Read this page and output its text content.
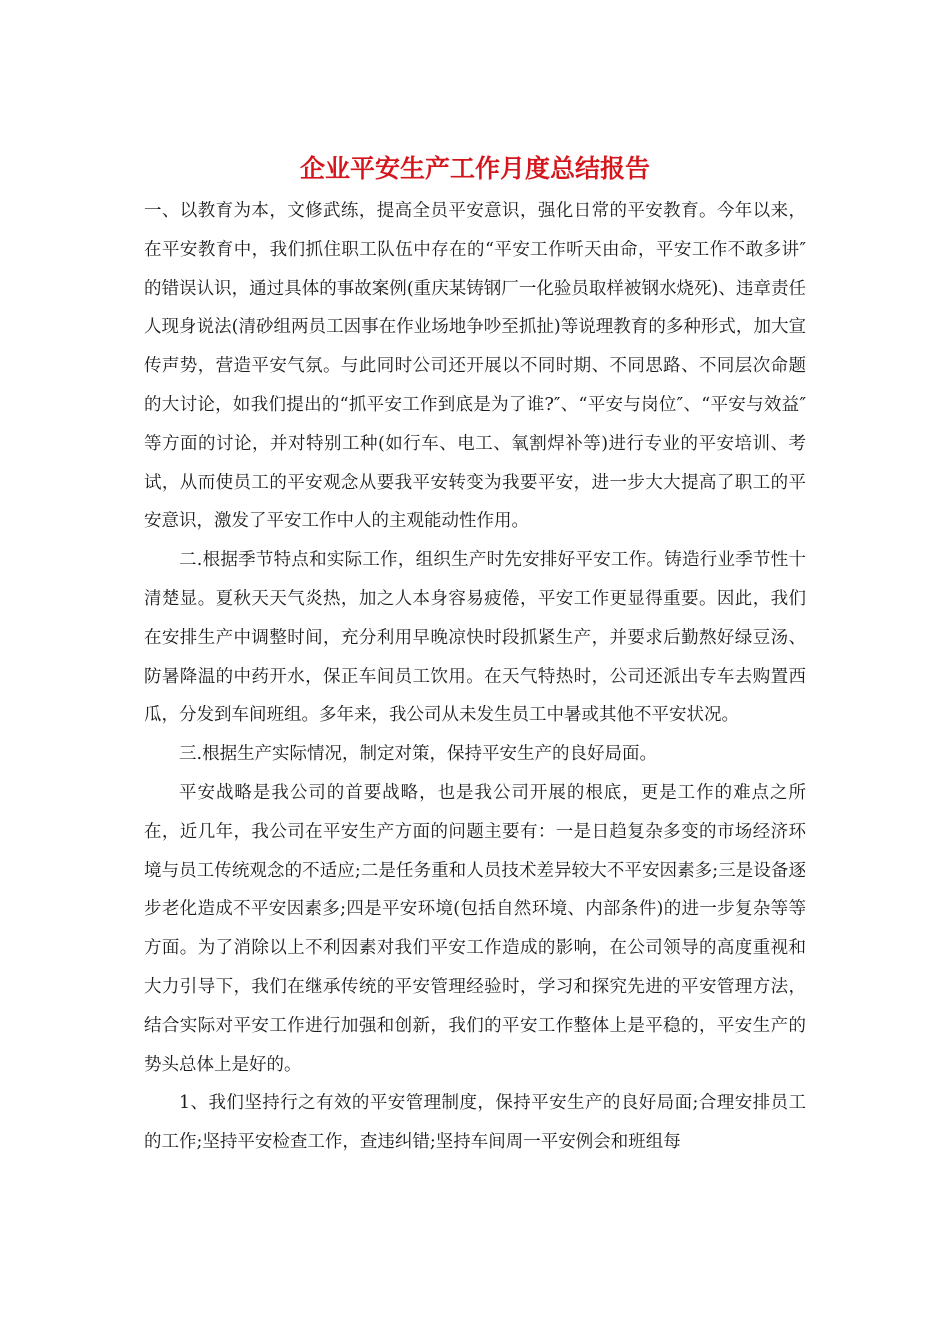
企业平安生产工作月度总结报告

一、以教育为本，文修武练，提高全员平安意识，强化日常的平安教育。今年以来，在平安教育中，我们抓住职工队伍中存在的“平安工作听天由命，平安工作不敢多讲″的错误认识，通过具体的事故案例(重庆某铸钢厂一化验员取样被钢水烧死)、违章责任人现身说法(清砂组两员工因事在作业场地争吵至抓扯)等说理教育的多种形式，加大宣传声势，营造平安气氛。与此同时公司还开展以不同时期、不同思路、不同层次命题的大讨论，如我们提出的“抓平安工作到底是为了谁?″、“平安与岗位″、“平安与效益″等方面的讨论，并对特别工种(如行车、电工、氧割焊补等)进行专业的平安培训、考试，从而使员工的平安观念从要我平安转变为我要平安，进一步大大提高了职工的平安意识，激发了平安工作中人的主观能动性作用。

二.根据季节特点和实际工作，组织生产时先安排好平安工作。铸造行业季节性十清楚显。夏秋天天气炎热，加之人本身容易疲倦，平安工作更显得重要。因此，我们在安排生产中调整时间，充分利用早晚凉快时段抓紧生产，并要求后勤熬好绿豆汤、防暑降温的中药开水，保正车间员工饮用。在天气特热时，公司还派出专车去购置西瓜，分发到车间班组。多年来，我公司从未发生员工中暑或其他不平安状况。

三.根据生产实际情况，制定对策，保持平安生产的良好局面。

平安战略是我公司的首要战略，也是我公司开展的根底，更是工作的难点之所在，近几年，我公司在平安生产方面的问题主要有：一是日趋复杂多变的市场经济环境与员工传统观念的不适应;二是任务重和人员技术差异较大不平安因素多;三是设备逐步老化造成不平安因素多;四是平安环境(包括自然环境、内部条件)的进一步复杂等等方面。为了消除以上不利因素对我们平安工作造成的影响，在公司领导的高度重视和大力引导下，我们在继承传统的平安管理经验时，学习和探究先进的平安管理方法，结合实际对平安工作进行加强和创新，我们的平安工作整体上是平稳的，平安生产的势头总体上是好的。

1、我们坚持行之有效的平安管理制度，保持平安生产的良好局面;合理安排员工的工作;坚持平安检查工作，查违纠错;坚持车间周一平安例会和班组每
